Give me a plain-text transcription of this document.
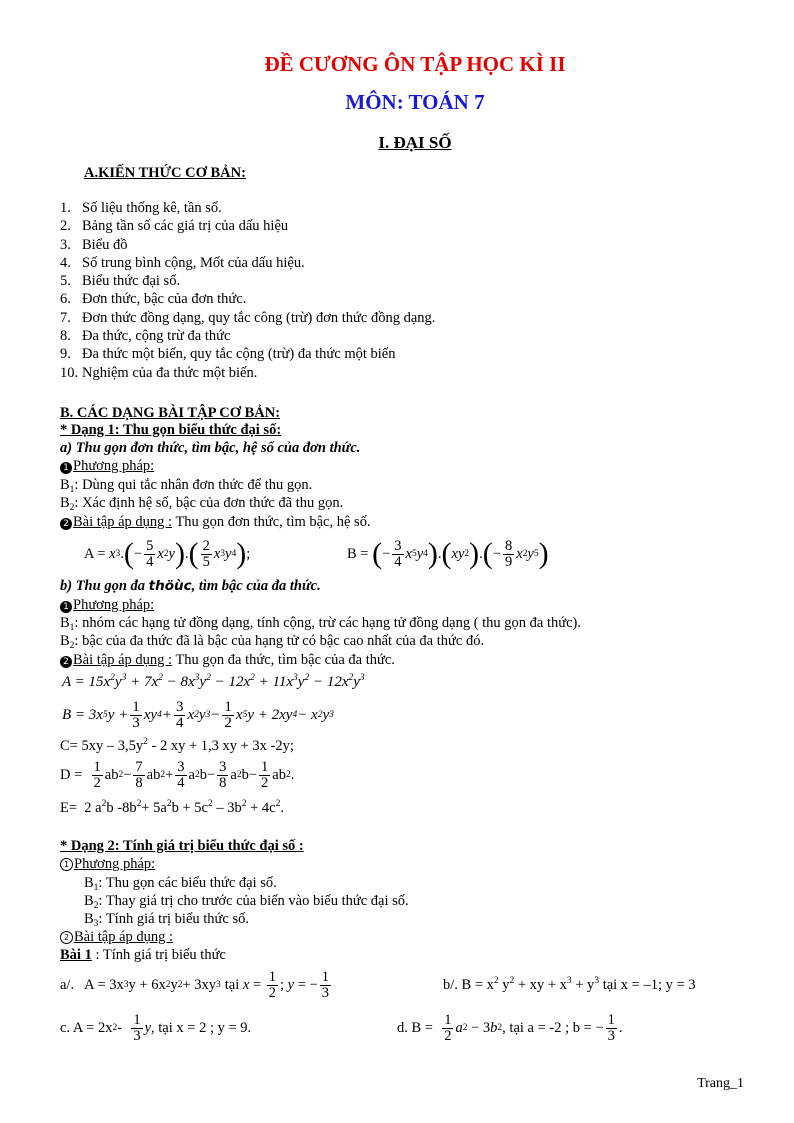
ĐỀ CƯƠNG ÔN TẬP HỌC KÌ II
MÔN: TOÁN 7
I. ĐẠI SỐ
A.KIẾN THỨC CƠ BẢN:
1. Số liệu thống kê, tần số.
2. Bảng tần số các giá trị của dấu hiệu
3. Biểu đồ
4. Số trung bình cộng, Mốt của dấu hiệu.
5. Biểu thức đại số.
6. Đơn thức, bậc của đơn thức.
7. Đơn thức đồng dạng, quy tắc công (trừ) đơn thức đồng dạng.
8. Đa thức, cộng trừ đa thức
9. Đa thức một biến, quy tắc cộng (trừ) đa thức một biến
10. Nghiệm của đa thức một biến.
B. CÁC DẠNG BÀI TẬP CƠ BẢN:
* Dạng 1: Thu gọn biểu thức đại số:
a) Thu gọn đơn thức, tìm bậc, hệ số của đơn thức.
1 Phương pháp:
$B_1$: Dùng qui tắc nhân đơn thức để thu gọn.
$B_2$: Xác định hệ số, bậc của đơn thức đã thu gọn.
2 Bài tập áp dụng : Thu gọn đơn thức, tìm bậc, hệ số.
A =
x 3 . ( − $\frac{5}{4}$ x 2 y ) . ( $\frac{2}{5}$ x 3 y 4 ) ;	B =
( − $\frac{3}{4}$ x 5 y 4 ) . ( xy 2 ) . ( − $\frac{8}{9}$ x 2 y 5 )
b) Thu gọn đa thöùc, tìm bậc của đa thức.
1 Phương pháp:
$B_1$: nhóm các hạng tử đồng dạng, tính cộng, trừ các hạng tử đồng dạng ( thu gọn đa thức).
$B_2$: bậc của đa thức đã là bậc của hạng tử có bậc cao nhất của đa thức đó.
2 Bài tập áp dụng : Thu gọn đa thức, tìm bậc của đa thức.
$A = 15x^2y^3 + 7x^2 - 8x^3y^2 - 12x^2 + 11x^3y^2 - 12x^2y^3$
B = 3x 5 $y + \frac{1}{3}$ xy $4 + \frac{3}{4}$ x 2 y $3 - \frac{1}{2}$ x 5 y + 2xy 4 − x 2 y 3
$C= 5xy - 3,5y^2 - 2$ xy + 1,3 xy + 3x -2y;
$D = \frac{1}{2}$ ab $2 - \frac{7}{8}$ ab $2 + \frac{3}{4}$ a 2 $b- \frac{3}{8}$ a 2 $b- \frac{1}{2}$ ab 2 .
E=  2 $a^2b$ $-8b^2+ 5a^2b + 5c^2 - 3b^2 + 4c^2$.
* Dạng 2: Tính giá trị biểu thức đại số :
1 Phương pháp:
$B_1$: Thu gọn các biểu thức đại số.
$B_2$: Thay giá trị cho trước của biến vào biểu thức đại số.
$B_3$: Tính giá trị biểu thức số.
2 Bài tập áp dụng :
Bài 1 : Tính giá trị biểu thức
a/.   A = 3x 3 y + 6x 2 y 2 + 3xy 3 tại
$x = \frac{1}{2}$ ; y = − $\frac{1}{3}$	b/. $B = x^2$ $y^2$ + xy + $x^3 + y^3$ tại x = –1; y = 3
c. A = 2x $2 - \frac{1}{3}$ y , tại x = 2 ; y = 9.	d. $B = \frac{1}{2}$ a 2 − 3 b 2 , tại a = -2 ; b = − $\frac{1}{3}$ .
Trang_1
